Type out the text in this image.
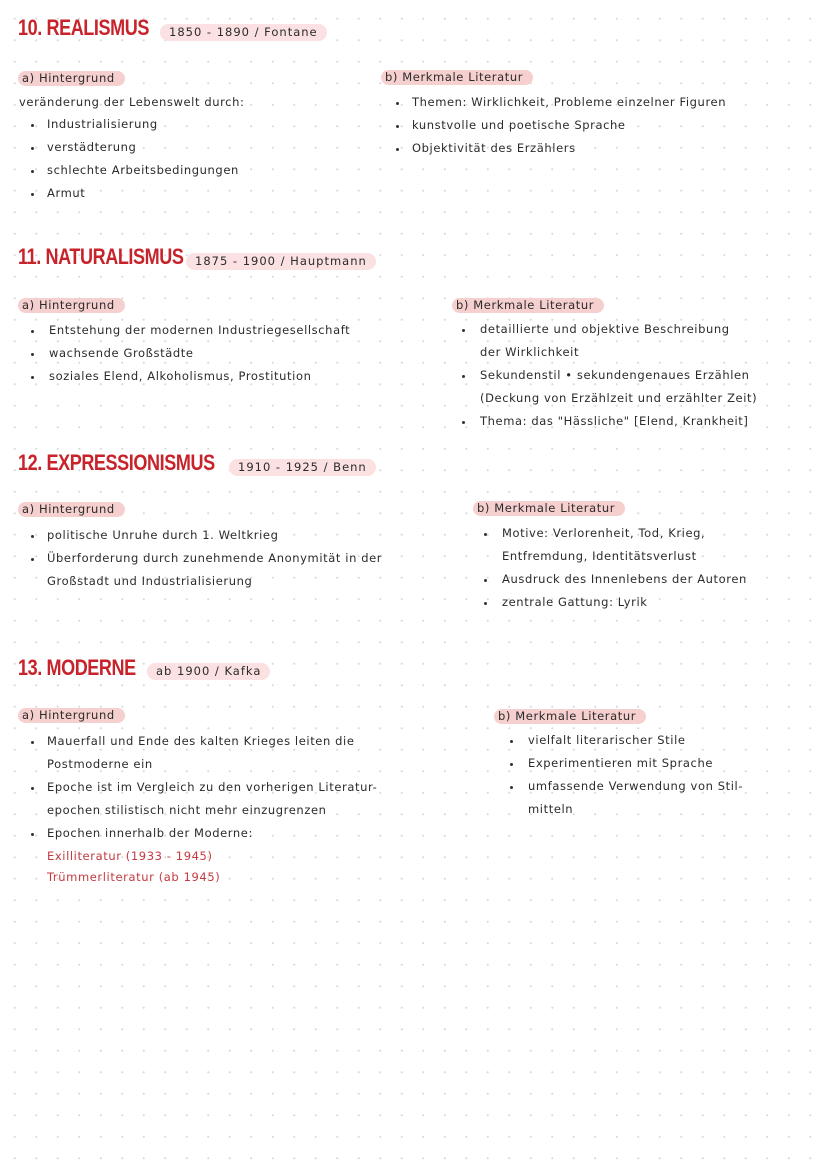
10. REALISMUS	1850 - 1890 / Fontane
a) Hintergrund
veränderung der Lebenswelt durch:
Industrialisierung
verstädterung
schlechte Arbeitsbedingungen
Armut
b) Merkmale Literatur
Themen: Wirklichkeit, Probleme einzelner Figuren
kunstvolle und poetische Sprache
Objektivität des Erzählers
11. NATURALISMUS 1875 - 1900 / Hauptmann
a) Hintergrund
Entstehung der modernen Industriegesellschaft
wachsende Großstädte
soziales Elend, Alkoholismus, Prostitution
b) Merkmale Literatur
detaillierte und objektive Beschreibung
der Wirklichkeit
Sekundenstil • sekundengenaues Erzählen
(Deckung von Erzählzeit und erzählter Zeit)
Thema: das "Hässliche" [Elend, Krankheit]
12. EXPRESSIONISMUS	1910 - 1925 / Benn
a) Hintergrund
politische Unruhe durch 1. Weltkrieg
Überforderung durch zunehmende Anonymität in der
Großstadt und Industrialisierung
b) Merkmale Literatur
Motive: Verlorenheit, Tod, Krieg,
Entfremdung, Identitätsverlust
Ausdruck des Innenlebens der Autoren
zentrale Gattung: Lyrik
13. MODERNE	ab 1900 / Kafka
a) Hintergrund
Mauerfall und Ende des kalten Krieges leiten die
Postmoderne ein
Epoche ist im Vergleich zu den vorherigen Literatur-
epochen stilistisch nicht mehr einzugrenzen
Epochen innerhalb der Moderne:
Exilliteratur (1933 - 1945)
Trümmerliteratur (ab 1945)
b) Merkmale Literatur
vielfalt literarischer Stile
Experimentieren mit Sprache
umfassende Verwendung von Stil-
mitteln
